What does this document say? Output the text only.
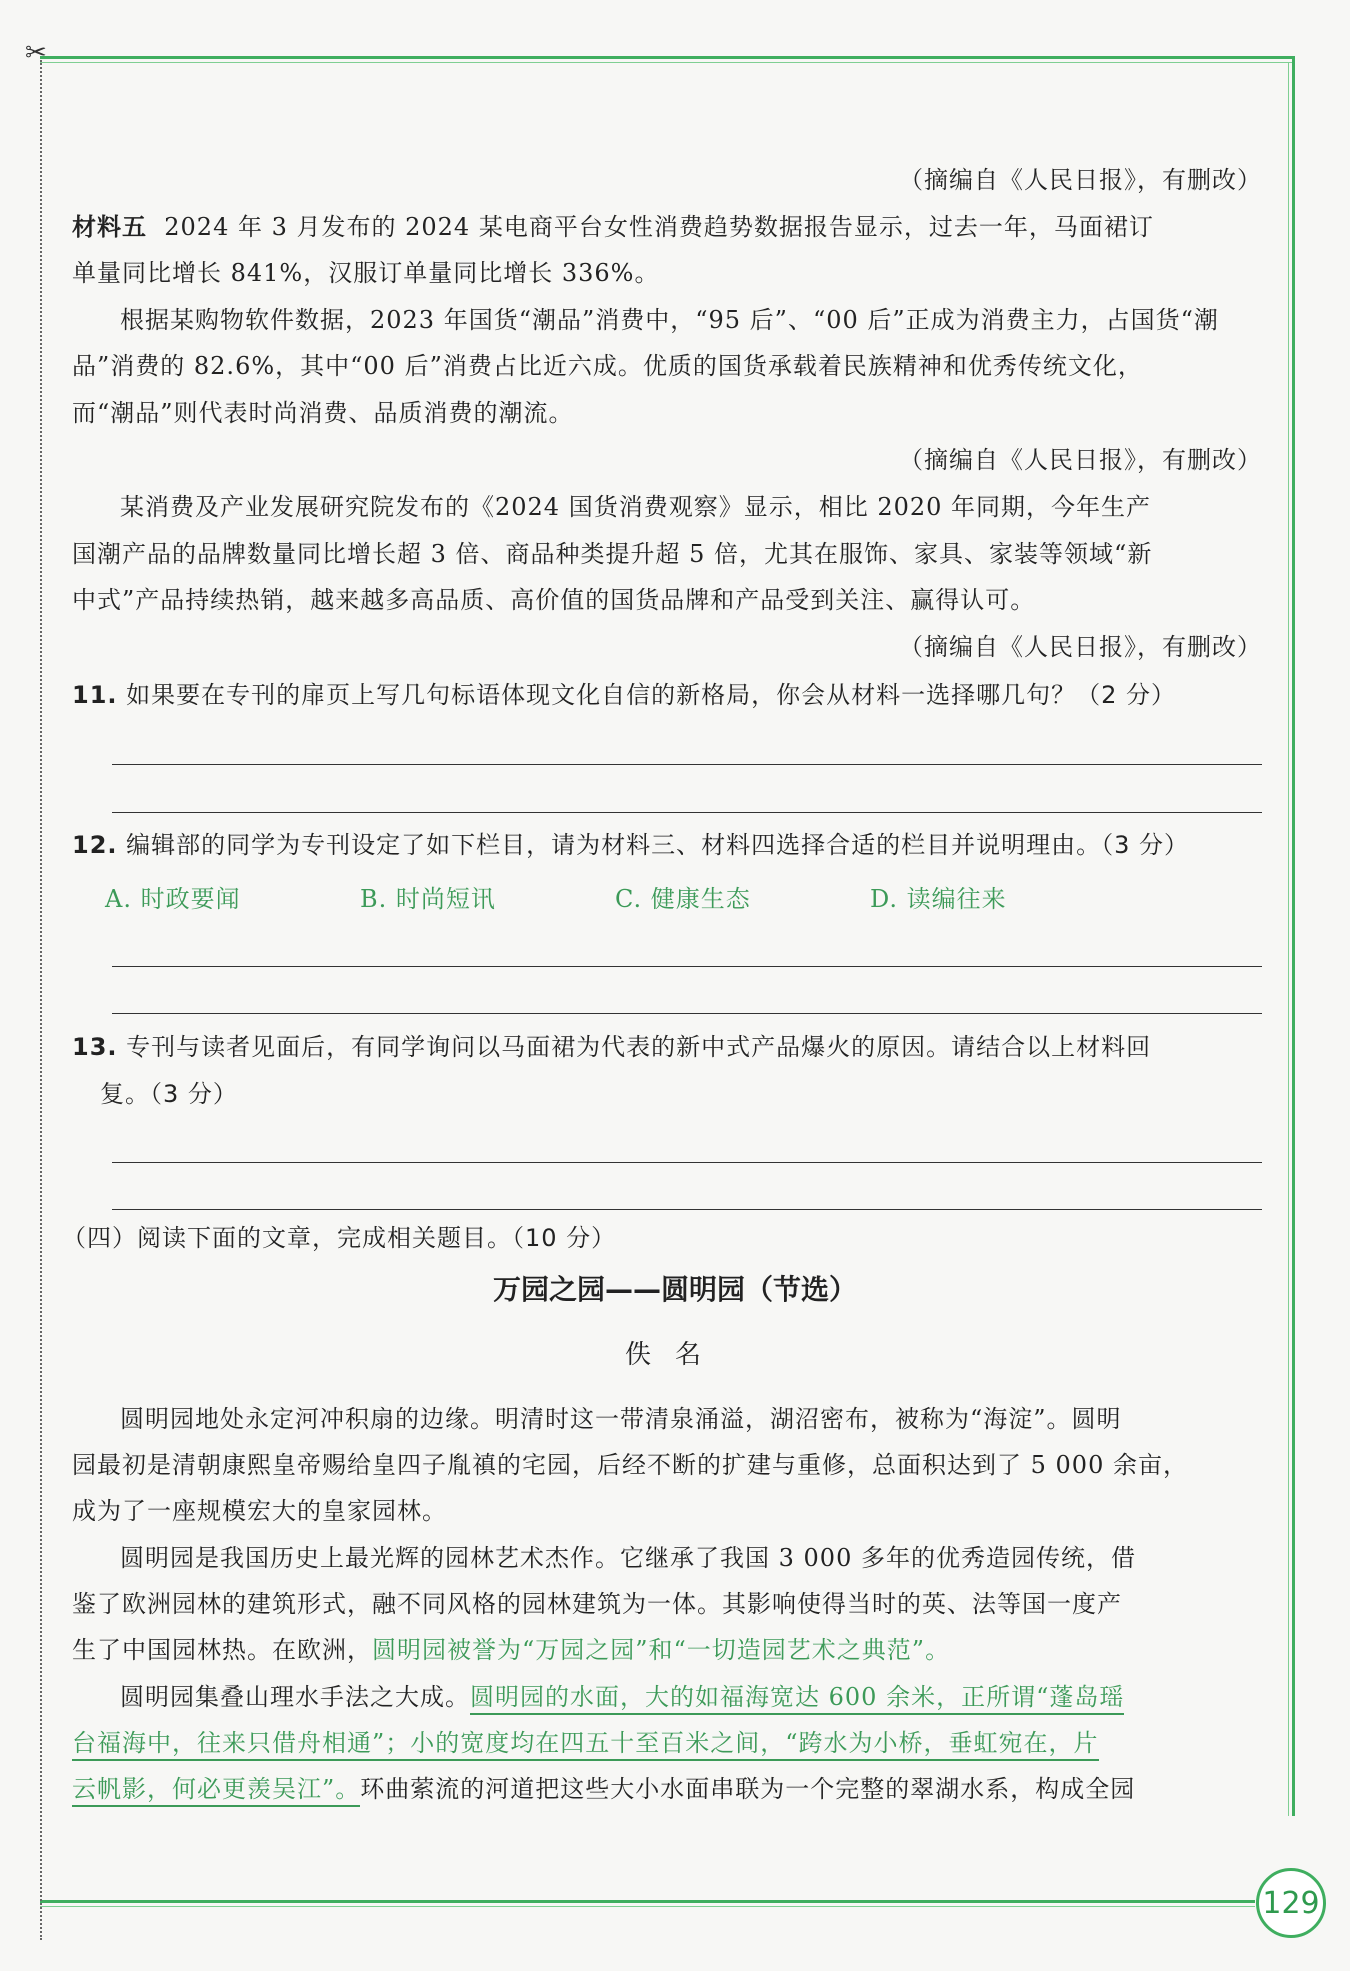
✂
（摘编自《人民日报》，有删改）
材料五 2024 年 3 月发布的 2024 某电商平台女性消费趋势数据报告显示，过去一年，马面裙订
单量同比增长 841%，汉服订单量同比增长 336%。
根据某购物软件数据，2023 年国货“潮品”消费中，“95 后”、“00 后”正成为消费主力，占国货“潮
品”消费的 82.6%，其中“00 后”消费占比近六成。优质的国货承载着民族精神和优秀传统文化，
而“潮品”则代表时尚消费、品质消费的潮流。
（摘编自《人民日报》，有删改）
某消费及产业发展研究院发布的《2024 国货消费观察》显示，相比 2020 年同期，今年生产
国潮产品的品牌数量同比增长超 3 倍、商品种类提升超 5 倍，尤其在服饰、家具、家装等领域“新
中式”产品持续热销，越来越多高品质、高价值的国货品牌和产品受到关注、赢得认可。
（摘编自《人民日报》，有删改）
11. 如果要在专刊的扉页上写几句标语体现文化自信的新格局，你会从材料一选择哪几句？（2 分）
12. 编辑部的同学为专刊设定了如下栏目，请为材料三、材料四选择合适的栏目并说明理由。（3 分）
A. 时政要闻	B. 时尚短讯	C. 健康生态	D. 读编往来
13. 专刊与读者见面后，有同学询问以马面裙为代表的新中式产品爆火的原因。请结合以上材料回
复。（3 分）
（四）阅读下面的文章，完成相关题目。（10 分）
万园之园——圆明园（节选）
佚名
圆明园地处永定河冲积扇的边缘。明清时这一带清泉涌溢，湖沼密布，被称为“海淀”。圆明
园最初是清朝康熙皇帝赐给皇四子胤禛的宅园，后经不断的扩建与重修，总面积达到了 5 000 余亩，
成为了一座规模宏大的皇家园林。
圆明园是我国历史上最光辉的园林艺术杰作。它继承了我国 3 000 多年的优秀造园传统，借
鉴了欧洲园林的建筑形式，融不同风格的园林建筑为一体。其影响使得当时的英、法等国一度产
生了中国园林热。在欧洲，圆明园被誉为“万园之园”和“一切造园艺术之典范”。
圆明园集叠山理水手法之大成。圆明园的水面，大的如福海宽达 600 余米，正所谓“蓬岛瑶
台福海中，往来只借舟相通”；小的宽度均在四五十至百米之间，“跨水为小桥，垂虹宛在，片
云帆影，何必更羡吴江”。环曲萦流的河道把这些大小水面串联为一个完整的翠湖水系，构成全园
129
